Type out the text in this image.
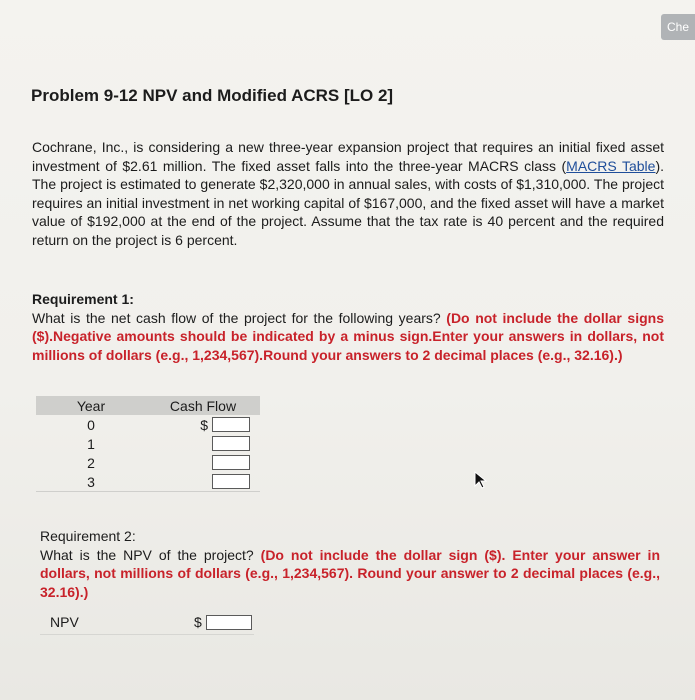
Che
Problem 9-12 NPV and Modified ACRS [LO 2]

Cochrane, Inc., is considering a new three-year expansion project that requires an initial fixed asset investment of $2.61 million. The fixed asset falls into the three-year MACRS class (MACRS Table). The project is estimated to generate $2,320,000 in annual sales, with costs of $1,310,000. The project requires an initial investment in net working capital of $167,000, and the fixed asset will have a market value of $192,000 at the end of the project. Assume that the tax rate is 40 percent and the required return on the project is 6 percent.

Requirement 1:
What is the net cash flow of the project for the following years? (Do not include the dollar signs ($).Negative amounts should be indicated by a minus sign.Enter your answers in dollars, not millions of dollars (e.g., 1,234,567).Round your answers to 2 decimal places (e.g., 32.16).)
Year	Cash Flow
0	$

1	

2	

3	
Requirement 2:
What is the NPV of the project? (Do not include the dollar sign ($). Enter your answer in dollars, not millions of dollars (e.g., 1,234,567). Round your answer to 2 decimal places (e.g., 32.16).)
NPV	$
